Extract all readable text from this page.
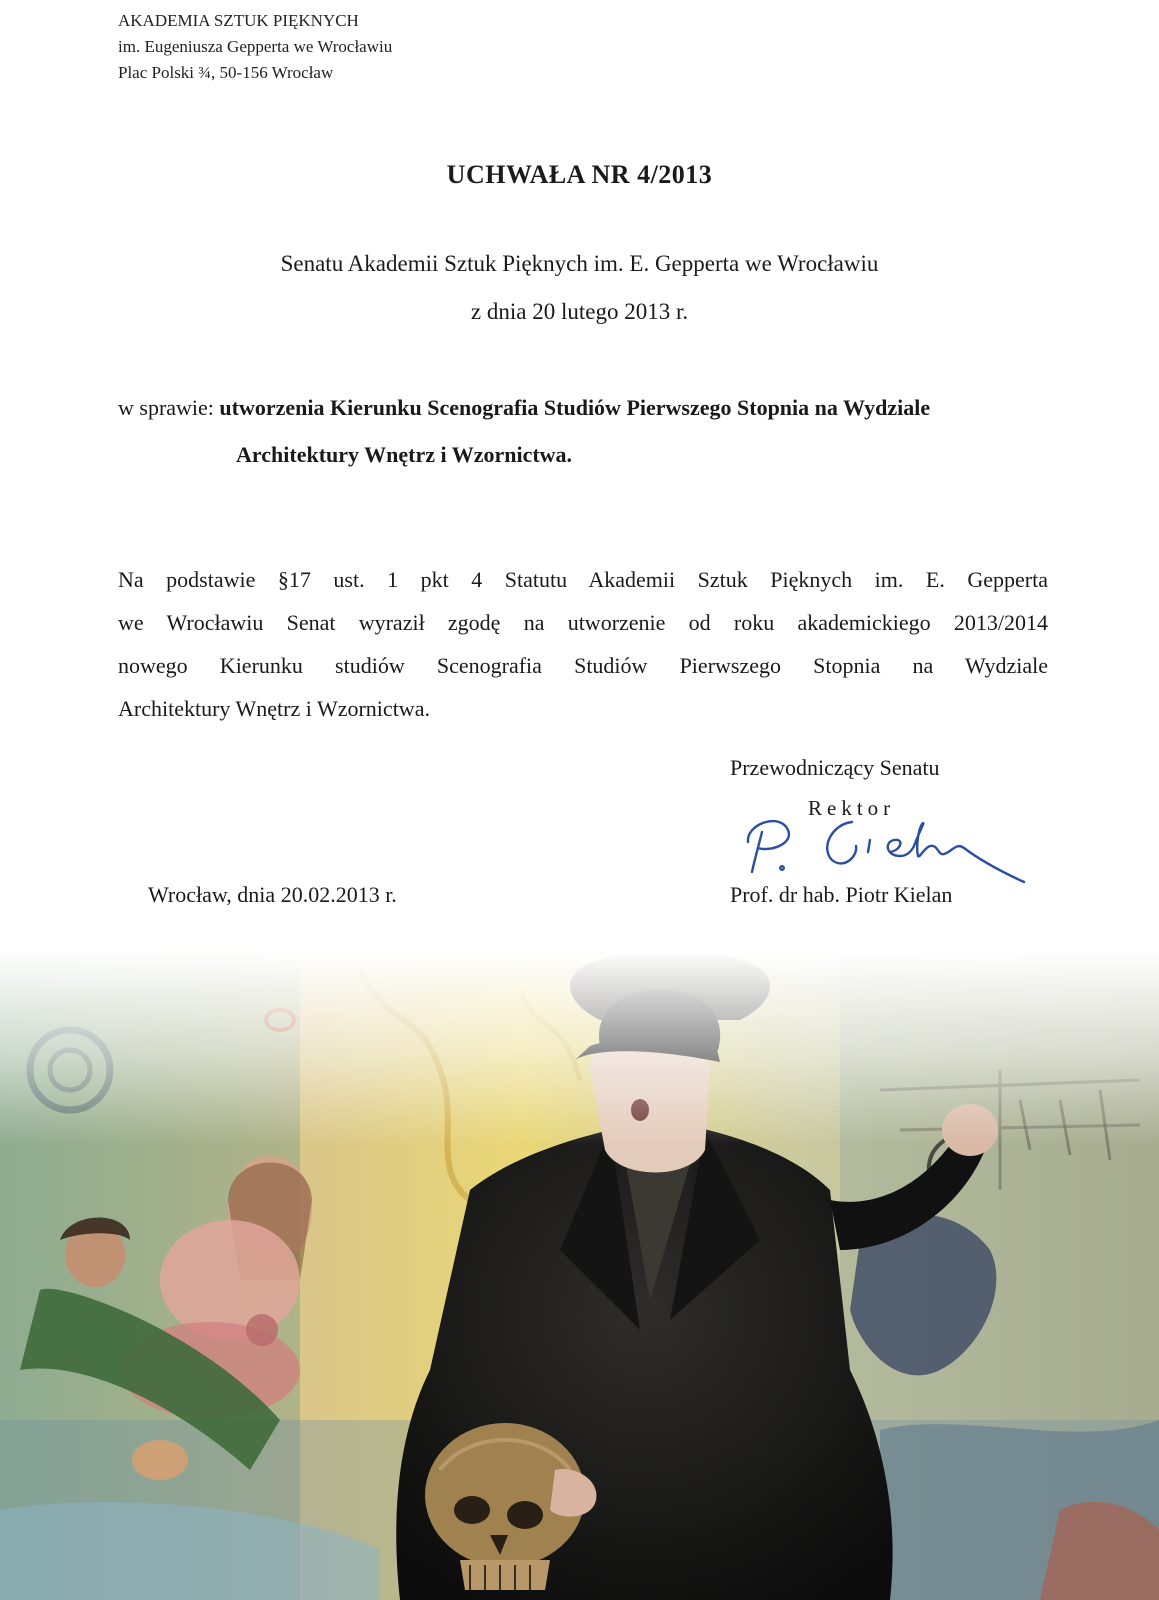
AKADEMIA SZTUK PIĘKNYCH
im. Eugeniusza Gepperta we Wrocławiu
Plac Polski ¾, 50-156 Wrocław
UCHWAŁA NR 4/2013
Senatu Akademii Sztuk Pięknych im. E. Gepperta we Wrocławiu
z dnia 20 lutego 2013 r.
w sprawie: utworzenia Kierunku Scenografia Studiów Pierwszego Stopnia na Wydziale
Architektury Wnętrz i Wzornictwa.
Na podstawie §17 ust. 1 pkt 4 Statutu Akademii Sztuk Pięknych im. E. Gepperta
we Wrocławiu Senat wyraził zgodę na utworzenie od roku akademickiego 2013/2014
nowego Kierunku studiów Scenografia Studiów Pierwszego Stopnia na Wydziale
Architektury Wnętrz i Wzornictwa.
Przewodniczący Senatu
Rektor
Prof. dr hab. Piotr Kielan
Wrocław, dnia 20.02.2013 r.
